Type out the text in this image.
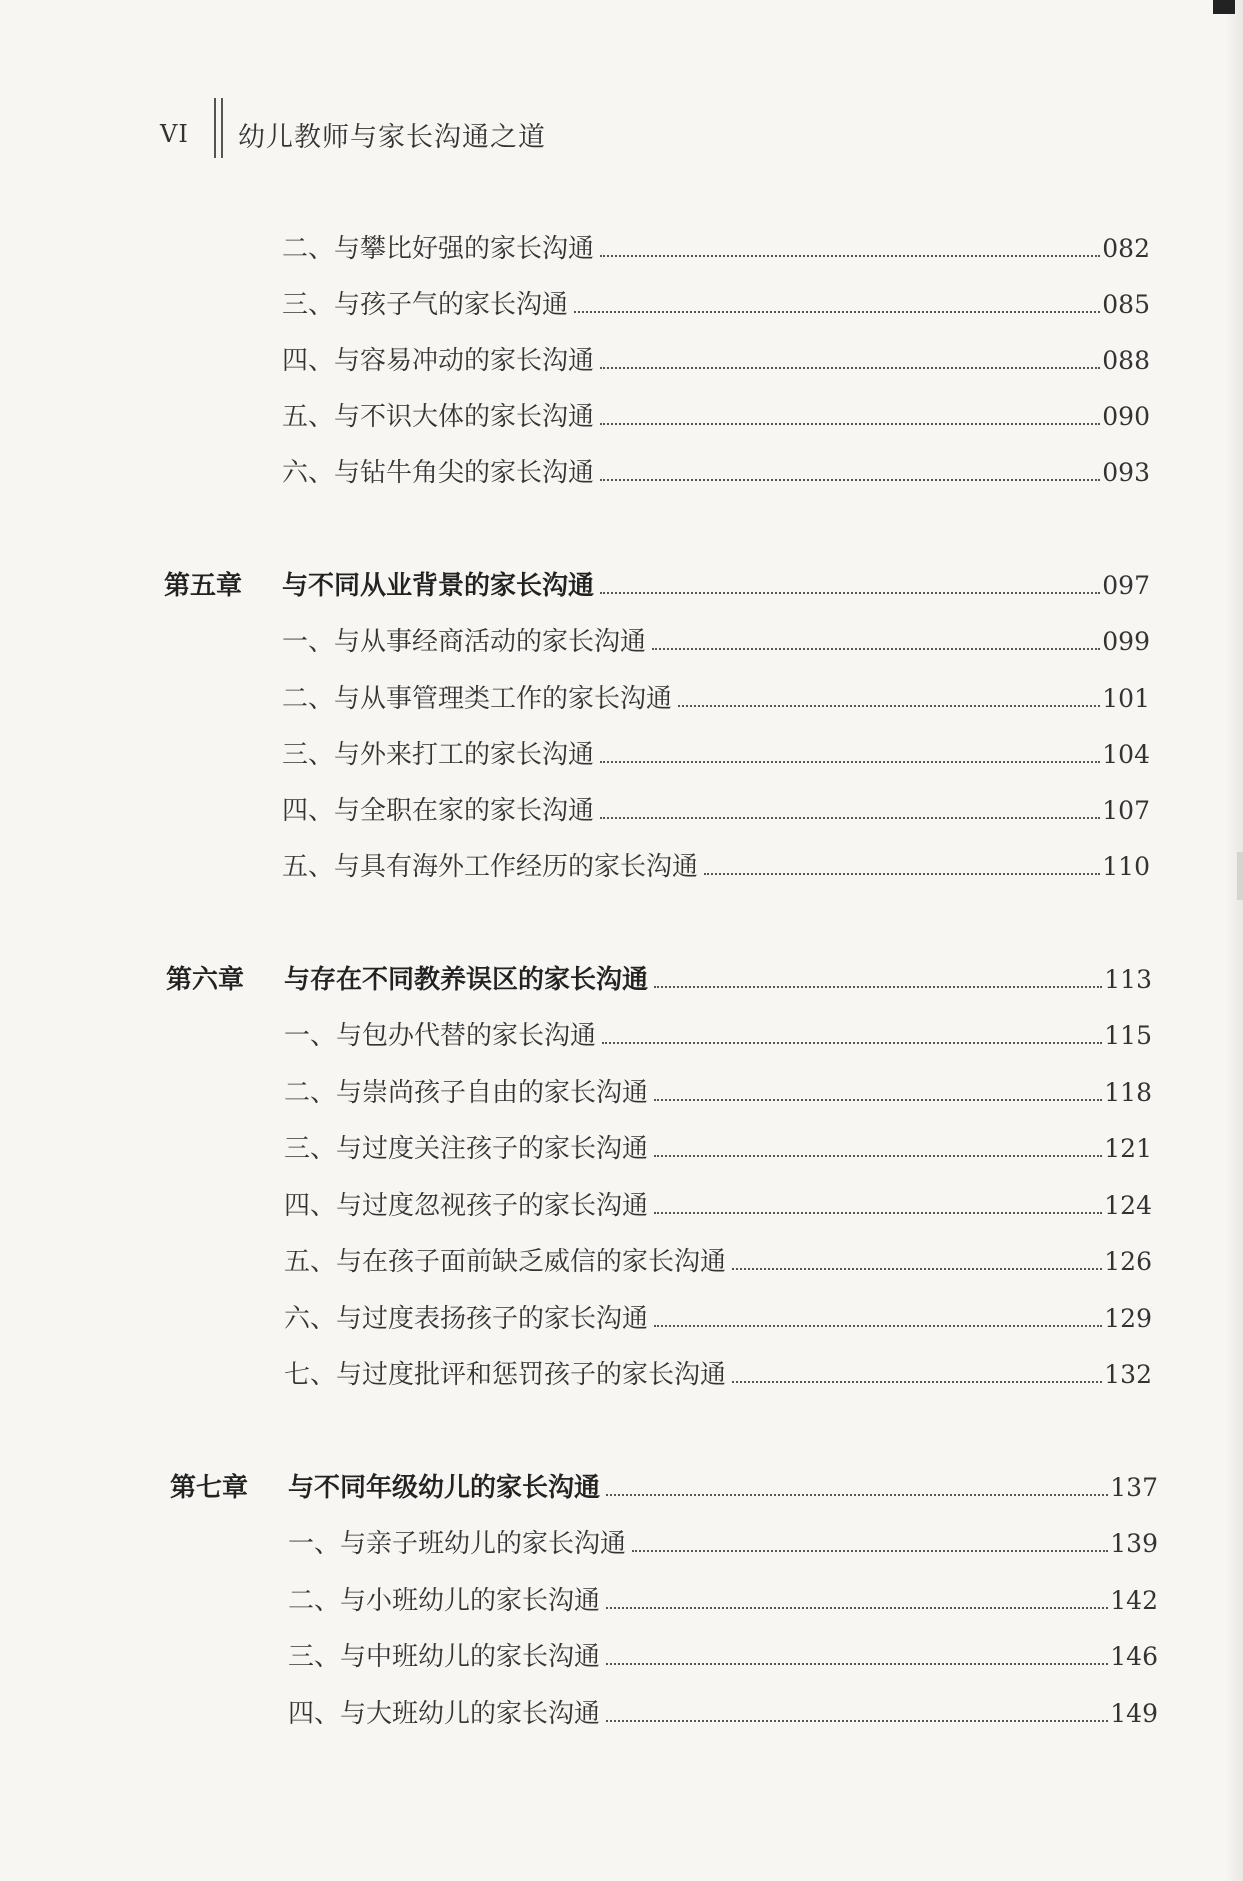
VI	幼儿教师与家长沟通之道
二、与攀比好强的家长沟通	082
三、与孩子气的家长沟通	085
四、与容易冲动的家长沟通	088
五、与不识大体的家长沟通	090
六、与钻牛角尖的家长沟通	093
第五章	与不同从业背景的家长沟通	097
一、与从事经商活动的家长沟通	099
二、与从事管理类工作的家长沟通	101
三、与外来打工的家长沟通	104
四、与全职在家的家长沟通	107
五、与具有海外工作经历的家长沟通	110
第六章	与存在不同教养误区的家长沟通	113
一、与包办代替的家长沟通	115
二、与崇尚孩子自由的家长沟通	118
三、与过度关注孩子的家长沟通	121
四、与过度忽视孩子的家长沟通	124
五、与在孩子面前缺乏威信的家长沟通	126
六、与过度表扬孩子的家长沟通	129
七、与过度批评和惩罚孩子的家长沟通	132
第七章	与不同年级幼儿的家长沟通	137
一、与亲子班幼儿的家长沟通	139
二、与小班幼儿的家长沟通	142
三、与中班幼儿的家长沟通	146
四、与大班幼儿的家长沟通	149
